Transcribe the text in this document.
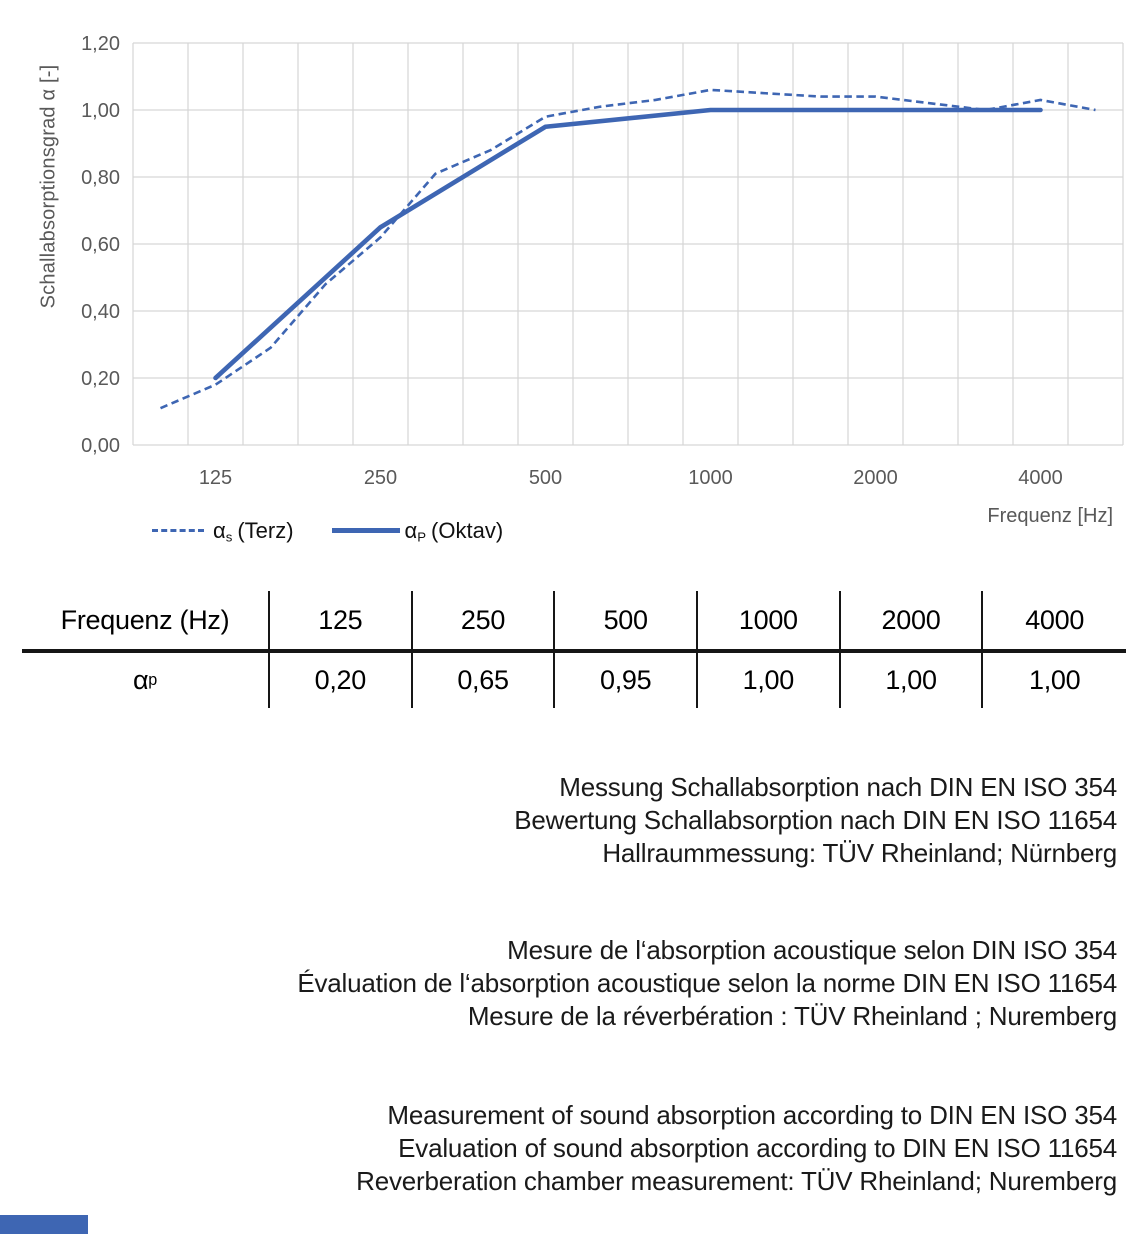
0,00
0,20
0,40
0,60
0,80
1,00
1,20
125	250	500	1000	2000	4000
Schallabsorptionsgrad α [-]
Frequenz [Hz]
$\alpha_s$ (Terz)	$\alpha_P$ (Oktav)
Frequenz (Hz)	125	250	500	1000	2000	4000
α p	0,20	0,65	0,95	1,00	1,00	1,00
Messung Schallabsorption nach DIN EN ISO 354
Bewertung Schallabsorption nach DIN EN ISO 11654
Hallraummessung: TÜV Rheinland; Nürnberg
Mesure de l‘absorption acoustique selon DIN ISO 354
Évaluation de l‘absorption acoustique selon la norme DIN EN ISO 11654
Mesure de la réverbération : TÜV Rheinland ; Nuremberg
Measurement of sound absorption according to DIN EN ISO 354
Evaluation of sound absorption according to DIN EN ISO 11654
Reverberation chamber measurement: TÜV Rheinland; Nuremberg
